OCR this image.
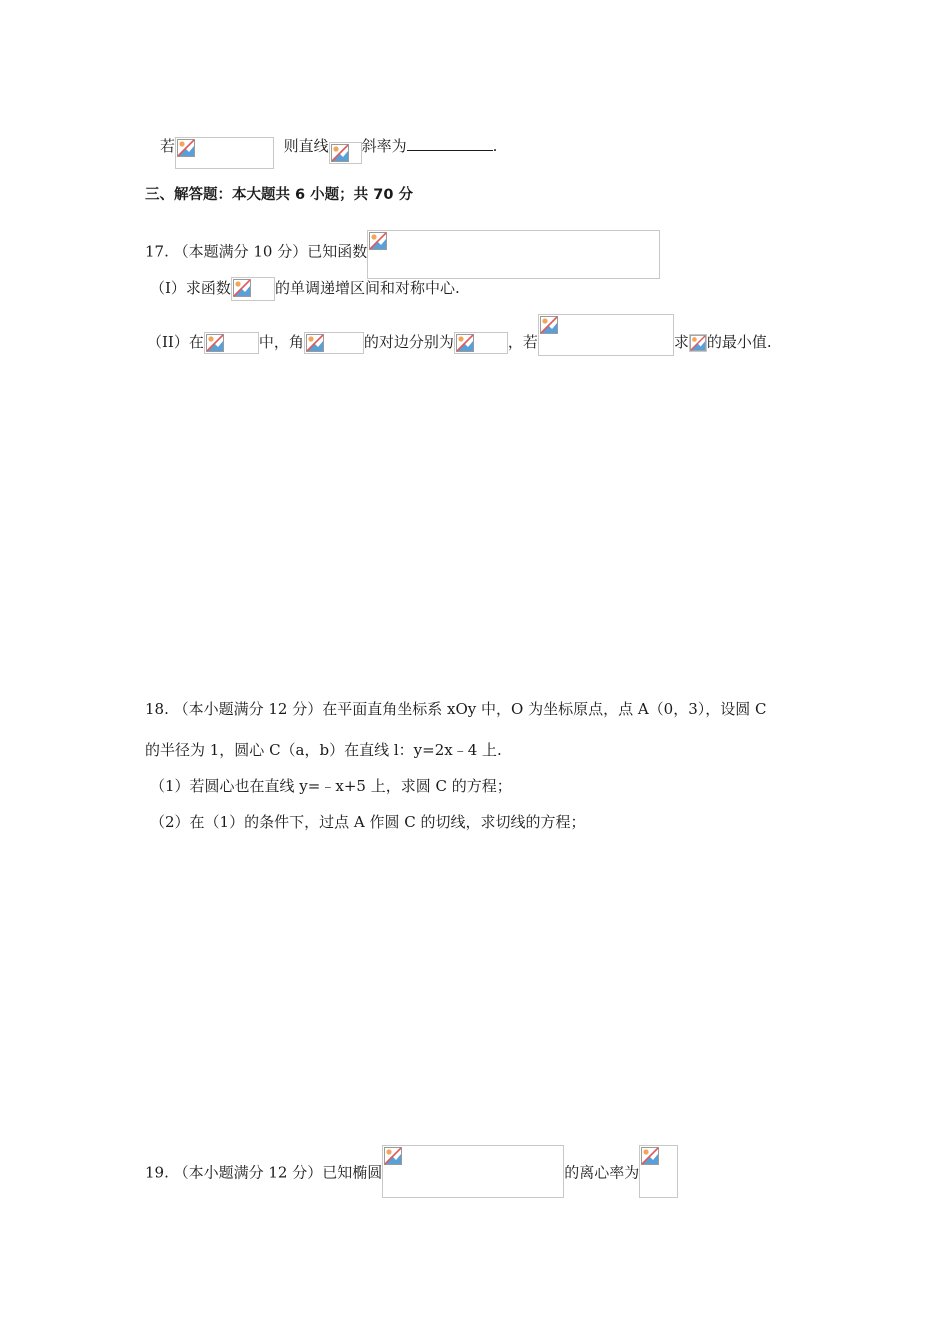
若	则直线 斜率为	.
三、解答题：本大题共 6 小题；共 70 分
17. （本题满分 10 分）已知函数
（I）求函数	的单调递增区间和对称中心.
（II）在	中，角	的对边分别为	，若	求 的最小值.
18. （本小题满分 12 分）在平面直角坐标系 xOy 中，O 为坐标原点，点 A（0，3），设圆 C
的半径为 1，圆心 C（a，b）在直线 l：y=2x﹣4 上.
（1）若圆心也在直线 y=﹣x+5 上，求圆 C 的方程；
（2）在（1）的条件下，过点 A 作圆 C 的切线，求切线的方程；
19. （本小题满分 12 分）已知椭圆	的离心率为
